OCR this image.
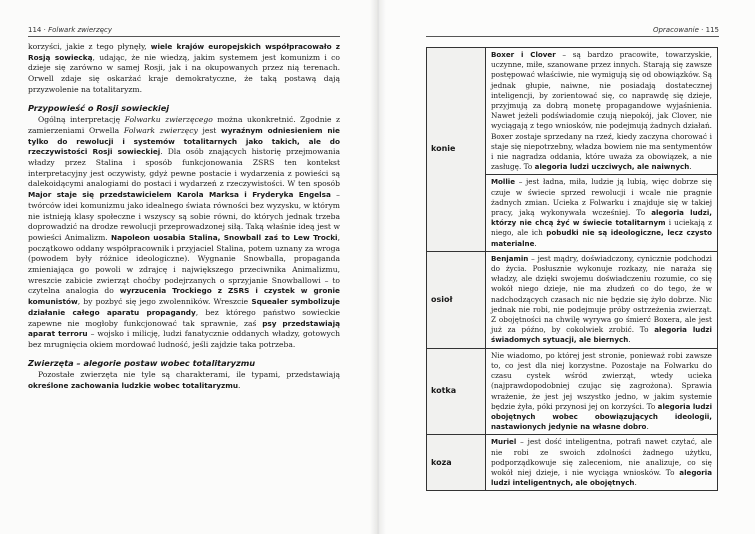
114 · Folwark zwierzęcy

korzyści, jakie z tego płynęły, wiele krajów europejskich współpracowało z Rosją sowiecką, udając, że nie wiedzą, jakim systemem jest komunizm i co dzieje się zarówno w samej Rosji, jak i na okupowanych przez nią terenach. Orwell zdaje się oskarżać kraje demokratyczne, że taką postawą dają przyzwolenie na totalitaryzm.

Przypowieść o Rosji sowieckiej

Ogólną interpretację Folwarku zwierzęcego można ukonkretnić. Zgodnie z zamierzeniami Orwella Folwark zwierzęcy jest wyraźnym odniesieniem nie tylko do rewolucji i systemów totalitarnych jako takich, ale do rzeczywistości Rosji sowieckiej. Dla osób znających historię przejmowania władzy przez Stalina i sposób funkcjonowania ZSRS ten kontekst interpretacyjny jest oczywisty, gdyż pewne postacie i wydarzenia z powieści są dalekoidącymi analogiami do postaci i wydarzeń z rzeczywistości. W ten sposób Major staje się przedstawicielem Karola Marksa i Fryderyka Engelsa – twórców idei komunizmu jako idealnego świata równości bez wyzysku, w którym nie istnieją klasy społeczne i wszyscy są sobie równi, do których jednak trzeba doprowadzić na drodze rewolucji przeprowadzonej siłą. Taką właśnie ideą jest w powieści Animalizm. Napoleon uosabia Stalina, Snowball zaś to Lew Trocki, początkowo oddany współpracownik i przyjaciel Stalina, potem uznany za wroga (powodem były różnice ideologiczne). Wygnanie Snowballa, propaganda zmieniająca go powoli w zdrajcę i największego przeciwnika Animalizmu, wreszcie zabicie zwierząt choćby podejrzanych o sprzyjanie Snowballowi – to czytelna analogia do wyrzucenia Trockiego z ZSRS i czystek w gronie komunistów, by pozbyć się jego zwolenników. Wreszcie Squealer symbolizuje działanie całego aparatu propagandy, bez którego państwo sowieckie zapewne nie mogłoby funkcjonować tak sprawnie, zaś psy przedstawiają aparat terroru – wojsko i milicję, ludzi fanatycznie oddanych władzy, gotowych bez mrugnięcia okiem mordować ludność, jeśli zajdzie taka potrzeba.

Zwierzęta – alegorie postaw wobec totalitaryzmu

Pozostałe zwierzęta nie tyle są charakterami, ile typami, przedstawiają określone zachowania ludzkie wobec totalitaryzmu.

Opracowanie · 115
konie	Boxer i Clover – są bardzo pracowite, towarzyskie, uczynne, miłe, szanowane przez innych. Starają się zawsze postępować właściwie, nie wymigują się od obowiązków. Są jednak głupie, naiwne, nie posiadają dostatecznej inteligencji, by zorientować się, co naprawdę się dzieje, przyjmują za dobrą monetę propagandowe wyjaśnienia. Nawet jeżeli podświadomie czują niepokój, jak Clover, nie wyciągają z tego wniosków, nie podejmują żadnych działań. Boxer zostaje sprzedany na rzeź, kiedy zaczyna chorować i staje się niepotrzebny, władza bowiem nie ma sentymentów i nie nagradza oddania, które uważa za obowiązek, a nie zasługę. To alegoria ludzi uczciwych, ale naiwnych.
	Mollie – jest ładna, miła, ludzie ją lubią, więc dobrze się czuje w świecie sprzed rewolucji i wcale nie pragnie żadnych zmian. Ucieka z Folwarku i znajduje się w takiej pracy, jaką wykonywała wcześniej. To alegoria ludzi, którzy nie chcą żyć w świecie totalitarnym i uciekają z niego, ale ich pobudki nie są ideologiczne, lecz czysto materialne.
osioł	Benjamin – jest mądry, doświadczony, cynicznie podchodzi do życia. Posłusznie wykonuje rozkazy, nie naraża się władzy, ale dzięki swojemu doświadczeniu rozumie, co się wokół niego dzieje, nie ma złudzeń co do tego, że w nadchodzących czasach nic nie będzie się żyło dobrze. Nic jednak nie robi, nie podejmuje próby ostrzeżenia zwierząt. Z obojętności na chwilę wyrywa go śmierć Boxera, ale jest już za późno, by cokolwiek zrobić. To alegoria ludzi świadomych sytuacji, ale biernych.
kotka	Nie wiadomo, po której jest stronie, ponieważ robi zawsze to, co jest dla niej korzystne. Pozostaje na Folwarku do czasu cystek wśród zwierząt, wtedy ucieka (najprawdopodobniej czując się zagrożona). Sprawia wrażenie, że jest jej wszystko jedno, w jakim systemie będzie żyła, póki przynosi jej on korzyści. To alegoria ludzi obojętnych wobec obowiązujących ideologii, nastawionych jedynie na własne dobro.
koza	Muriel – jest dość inteligentna, potrafi nawet czytać, ale nie robi ze swoich zdolności żadnego użytku, podporządkowuje się zaleceniom, nie analizuje, co się wokół niej dzieje, i nie wyciąga wniosków. To alegoria ludzi inteligentnych, ale obojętnych.
